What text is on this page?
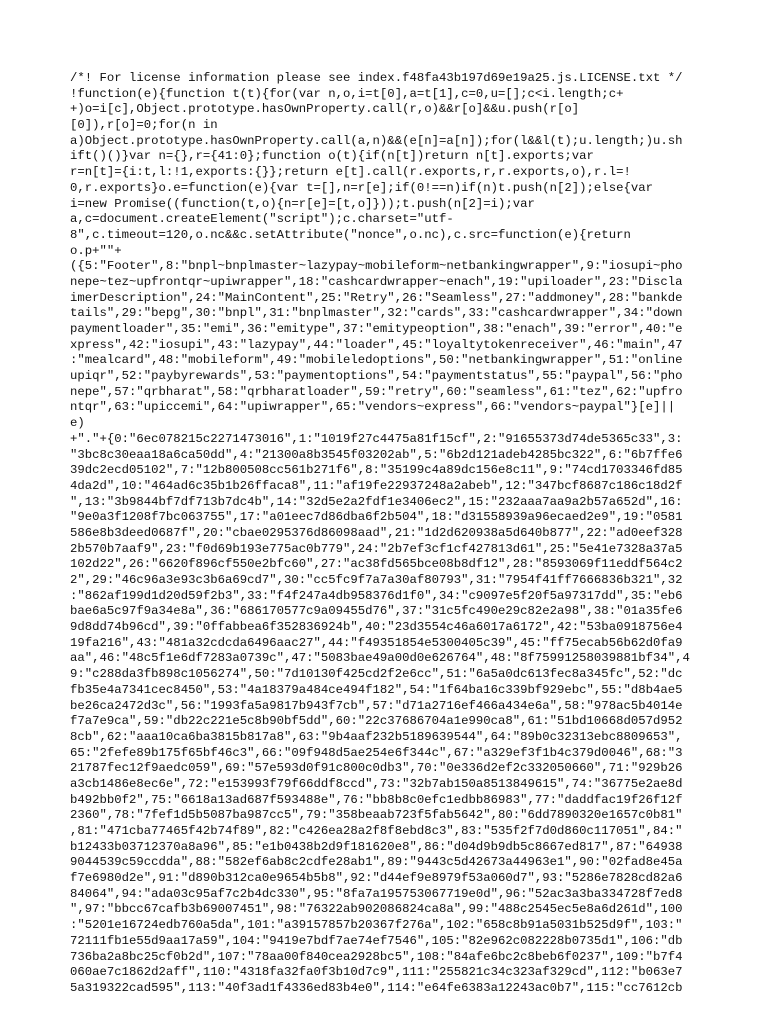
/*! For license information please see index.f48fa43b197d69e19a25.js.LICENSE.txt */
!function(e){function t(t){for(var n,o,i=t[0],a=t[1],c=0,u=[];c<i.length;c+
+)o=i[c],Object.prototype.hasOwnProperty.call(r,o)&&r[o]&&u.push(r[o]
[0]),r[o]=0;for(n in
a)Object.prototype.hasOwnProperty.call(a,n)&&(e[n]=a[n]);for(l&&l(t);u.length;)u.sh
ift()()}var n={},r={41:0};function o(t){if(n[t])return n[t].exports;var
r=n[t]={i:t,l:!1,exports:{}};return e[t].call(r.exports,r,r.exports,o),r.l=!
0,r.exports}o.e=function(e){var t=[],n=r[e];if(0!==n)if(n)t.push(n[2]);else{var
i=new Promise((function(t,o){n=r[e]=[t,o]}));t.push(n[2]=i);var
a,c=document.createElement("script");c.charset="utf-
8",c.timeout=120,o.nc&&c.setAttribute("nonce",o.nc),c.src=function(e){return
o.p+""+
({5:"Footer",8:"bnpl~bnplmaster~lazypay~mobileform~netbankingwrapper",9:"iosupi~pho
nepe~tez~upfrontqr~upiwrapper",18:"cashcardwrapper~enach",19:"upiloader",23:"Discla
imerDescription",24:"MainContent",25:"Retry",26:"Seamless",27:"addmoney",28:"bankde
tails",29:"bepg",30:"bnpl",31:"bnplmaster",32:"cards",33:"cashcardwrapper",34:"down
paymentloader",35:"emi",36:"emitype",37:"emitypeoption",38:"enach",39:"error",40:"e
xpress",42:"iosupi",43:"lazypay",44:"loader",45:"loyaltytokenreceiver",46:"main",47
:"mealcard",48:"mobileform",49:"mobileledoptions",50:"netbankingwrapper",51:"online
upiqr",52:"paybyrewards",53:"paymentoptions",54:"paymentstatus",55:"paypal",56:"pho
nepe",57:"qrbharat",58:"qrbharatloader",59:"retry",60:"seamless",61:"tez",62:"upfro
ntqr",63:"upiccemi",64:"upiwrapper",65:"vendors~express",66:"vendors~paypal"}[e]||
e)
+"."+{0:"6ec078215c2271473016",1:"1019f27c4475a81f15cf",2:"91655373d74de5365c33",3:
"3bc8c30eaa18a6ca50dd",4:"21300a8b3545f03202ab",5:"6b2d121adeb4285bc322",6:"6b7ffe6
39dc2ecd05102",7:"12b800508cc561b271f6",8:"35199c4a89dc156e8c11",9:"74cd1703346fd85
4da2d",10:"464ad6c35b1b26ffaca8",11:"af19fe22937248a2abeb",12:"347bcf8687c186c18d2f
",13:"3b9844bf7df713b7dc4b",14:"32d5e2a2fdf1e3406ec2",15:"232aaa7aa9a2b57a652d",16:
"9e0a3f1208f7bc063755",17:"a01eec7d86dba6f2b504",18:"d31558939a96ecaed2e9",19:"0581
586e8b3deed0687f",20:"cbae0295376d86098aad",21:"1d2d620938a5d640b877",22:"ad0eef328
2b570b7aaf9",23:"f0d69b193e775ac0b779",24:"2b7ef3cf1cf427813d61",25:"5e41e7328a37a5
102d22",26:"6620f896cf550e2bfc60",27:"ac38fd565bce08b8df12",28:"8593069f11eddf564c2
2",29:"46c96a3e93c3b6a69cd7",30:"cc5fc9f7a7a30af80793",31:"7954f41ff7666836b321",32
:"862af199d1d20d59f2b3",33:"f4f247a4db958376d1f0",34:"c9097e5f20f5a97317dd",35:"eb6
bae6a5c97f9a34e8a",36:"686170577c9a09455d76",37:"31c5fc490e29c82e2a98",38:"01a35fe6
9d8dd74b96cd",39:"0ffabbea6f352836924b",40:"23d3554c46a6017a6172",42:"53ba0918756e4
19fa216",43:"481a32cdcda6496aac27",44:"f49351854e5300405c39",45:"ff75ecab56b62d0fa9
aa",46:"48c5f1e6df7283a0739c",47:"5083bae49a00d0e626764",48:"8f75991258039881bf34",4
9:"c288da3fb898c1056274",50:"7d10130f425cd2f2e6cc",51:"6a5a0dc613fec8a345fc",52:"dc
fb35e4a7341cec8450",53:"4a18379a484ce494f182",54:"1f64ba16c339bf929ebc",55:"d8b4ae5
be26ca2472d3c",56:"1993fa5a9817b943f7cb",57:"d71a2716ef466a434e6a",58:"978ac5b4014e
f7a7e9ca",59:"db22c221e5c8b90bf5dd",60:"22c37686704a1e990ca8",61:"51bd10668d057d952
8cb",62:"aaa10ca6ba3815b817a8",63:"9b4aaf232b5189639544",64:"89b0c32313ebc8809653",
65:"2fefe89b175f65bf46c3",66:"09f948d5ae254e6f344c",67:"a329ef3f1b4c379d0046",68:"3
21787fec12f9aedc059",69:"57e593d0f91c800c0db3",70:"0e336d2ef2c332050660",71:"929b26
a3cb1486e8ec6e",72:"e153993f79f66ddf8ccd",73:"32b7ab150a8513849615",74:"36775e2ae8d
b492bb0f2",75:"6618a13ad687f593488e",76:"bb8b8c0efc1edbb86983",77:"daddfac19f26f12f
2360",78:"7fef1d5b5087ba987cc5",79:"358beaab723f5fab5642",80:"6dd7890320e1657c0b81"
,81:"471cba77465f42b74f89",82:"c426ea28a2f8f8ebd8c3",83:"535f2f7d0d860c117051",84:"
b12433b03712370a8a96",85:"e1b0438b2d9f181620e8",86:"d04d9b9db5c8667ed817",87:"64938
9044539c59ccdda",88:"582ef6ab8c2cdfe28ab1",89:"9443c5d42673a44963e1",90:"02fad8e45a
f7e6980d2e",91:"d890b312ca0e9654b5b8",92:"d44ef9e8979f53a060d7",93:"5286e7828cd82a6
84064",94:"ada03c95af7c2b4dc330",95:"8fa7a195753067719e0d",96:"52ac3a3ba334728f7ed8
",97:"bbcc67cafb3b69007451",98:"76322ab902086824ca8a",99:"488c2545ec5e8a6d261d",100
:"5201e16724edb760a5da",101:"a39157857b20367f276a",102:"658c8b91a5031b525d9f",103:"
72111fb1e55d9aa17a59",104:"9419e7bdf7ae74ef7546",105:"82e962c082228b0735d1",106:"db
736ba2a8bc25cf0b2d",107:"78aa00f840cea2928bc5",108:"84afe6bc2c8beb6f0237",109:"b7f4
060ae7c1862d2aff",110:"4318fa32fa0f3b10d7c9",111:"255821c34c323af329cd",112:"b063e7
5a319322cad595",113:"40f3ad1f4336ed83b4e0",114:"e64fe6383a12243ac0b7",115:"cc7612cb
